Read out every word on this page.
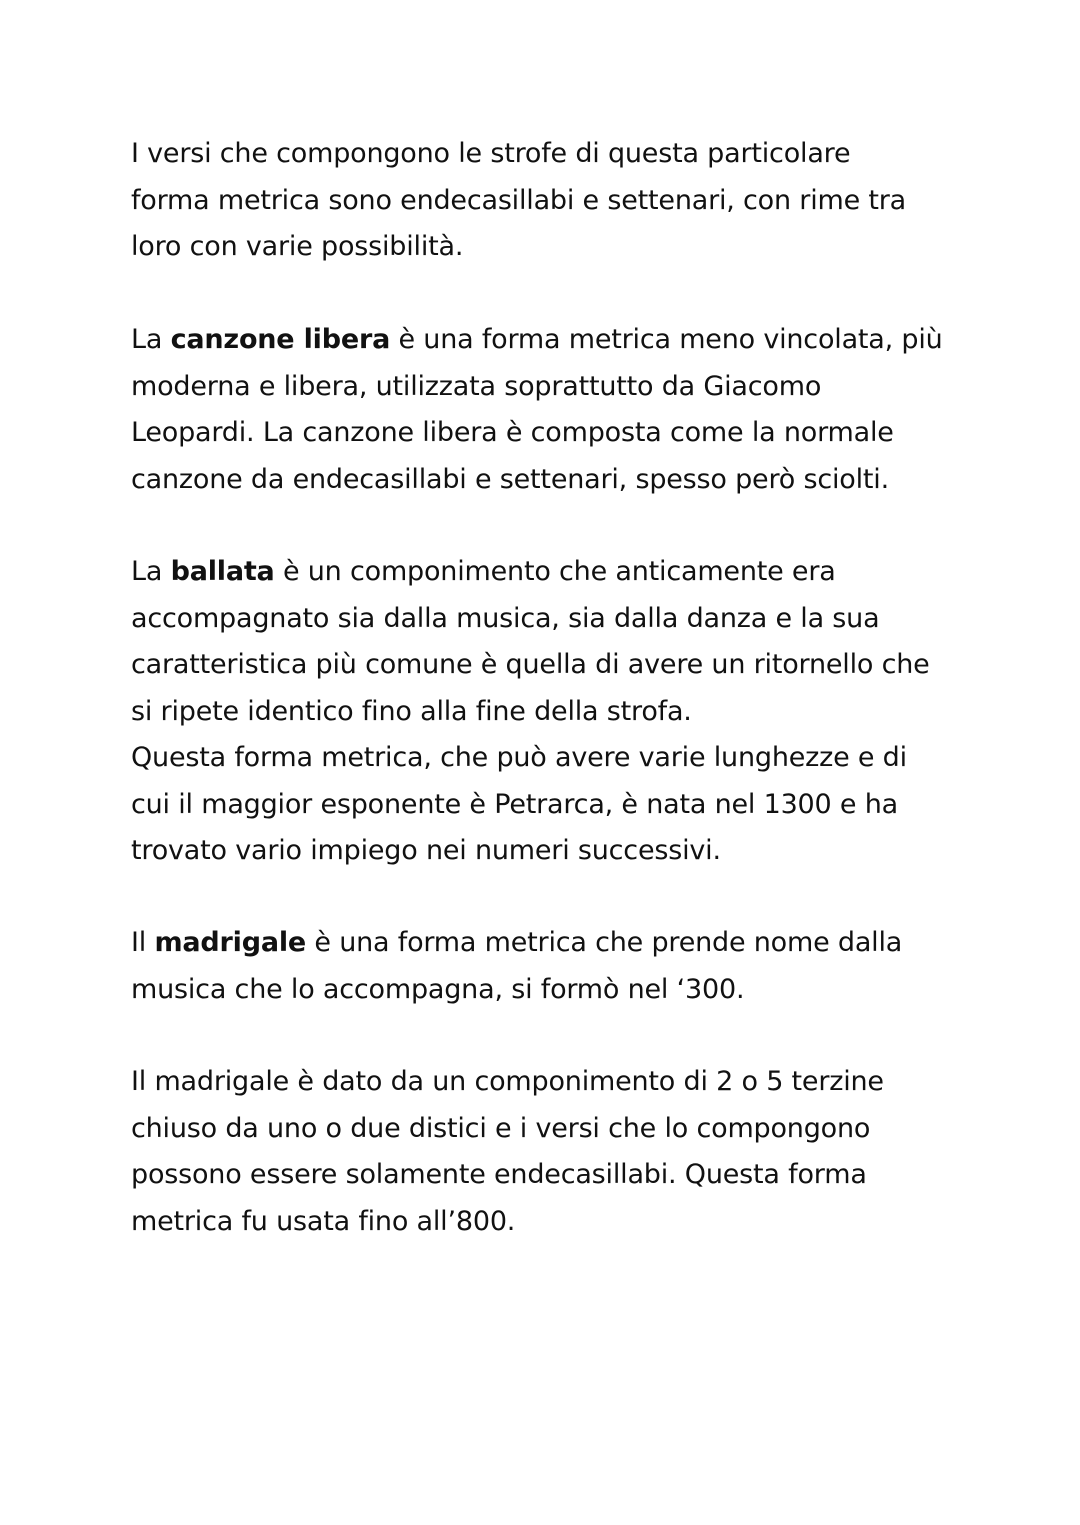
I versi che compongono le strofe di questa particolare
forma metrica sono endecasillabi e settenari, con rime tra
loro con varie possibilità.
La canzone libera è una forma metrica meno vincolata, più
moderna e libera, utilizzata soprattutto da Giacomo
Leopardi. La canzone libera è composta come la normale
canzone da endecasillabi e settenari, spesso però sciolti.
La ballata è un componimento che anticamente era
accompagnato sia dalla musica, sia dalla danza e la sua
caratteristica più comune è quella di avere un ritornello che
si ripete identico fino alla fine della strofa.
Questa forma metrica, che può avere varie lunghezze e di
cui il maggior esponente è Petrarca, è nata nel 1300 e ha
trovato vario impiego nei numeri successivi.
Il madrigale è una forma metrica che prende nome dalla
musica che lo accompagna, si formò nel ‘300.
Il madrigale è dato da un componimento di 2 o 5 terzine
chiuso da uno o due distici e i versi che lo compongono
possono essere solamente endecasillabi. Questa forma
metrica fu usata fino all’800.
